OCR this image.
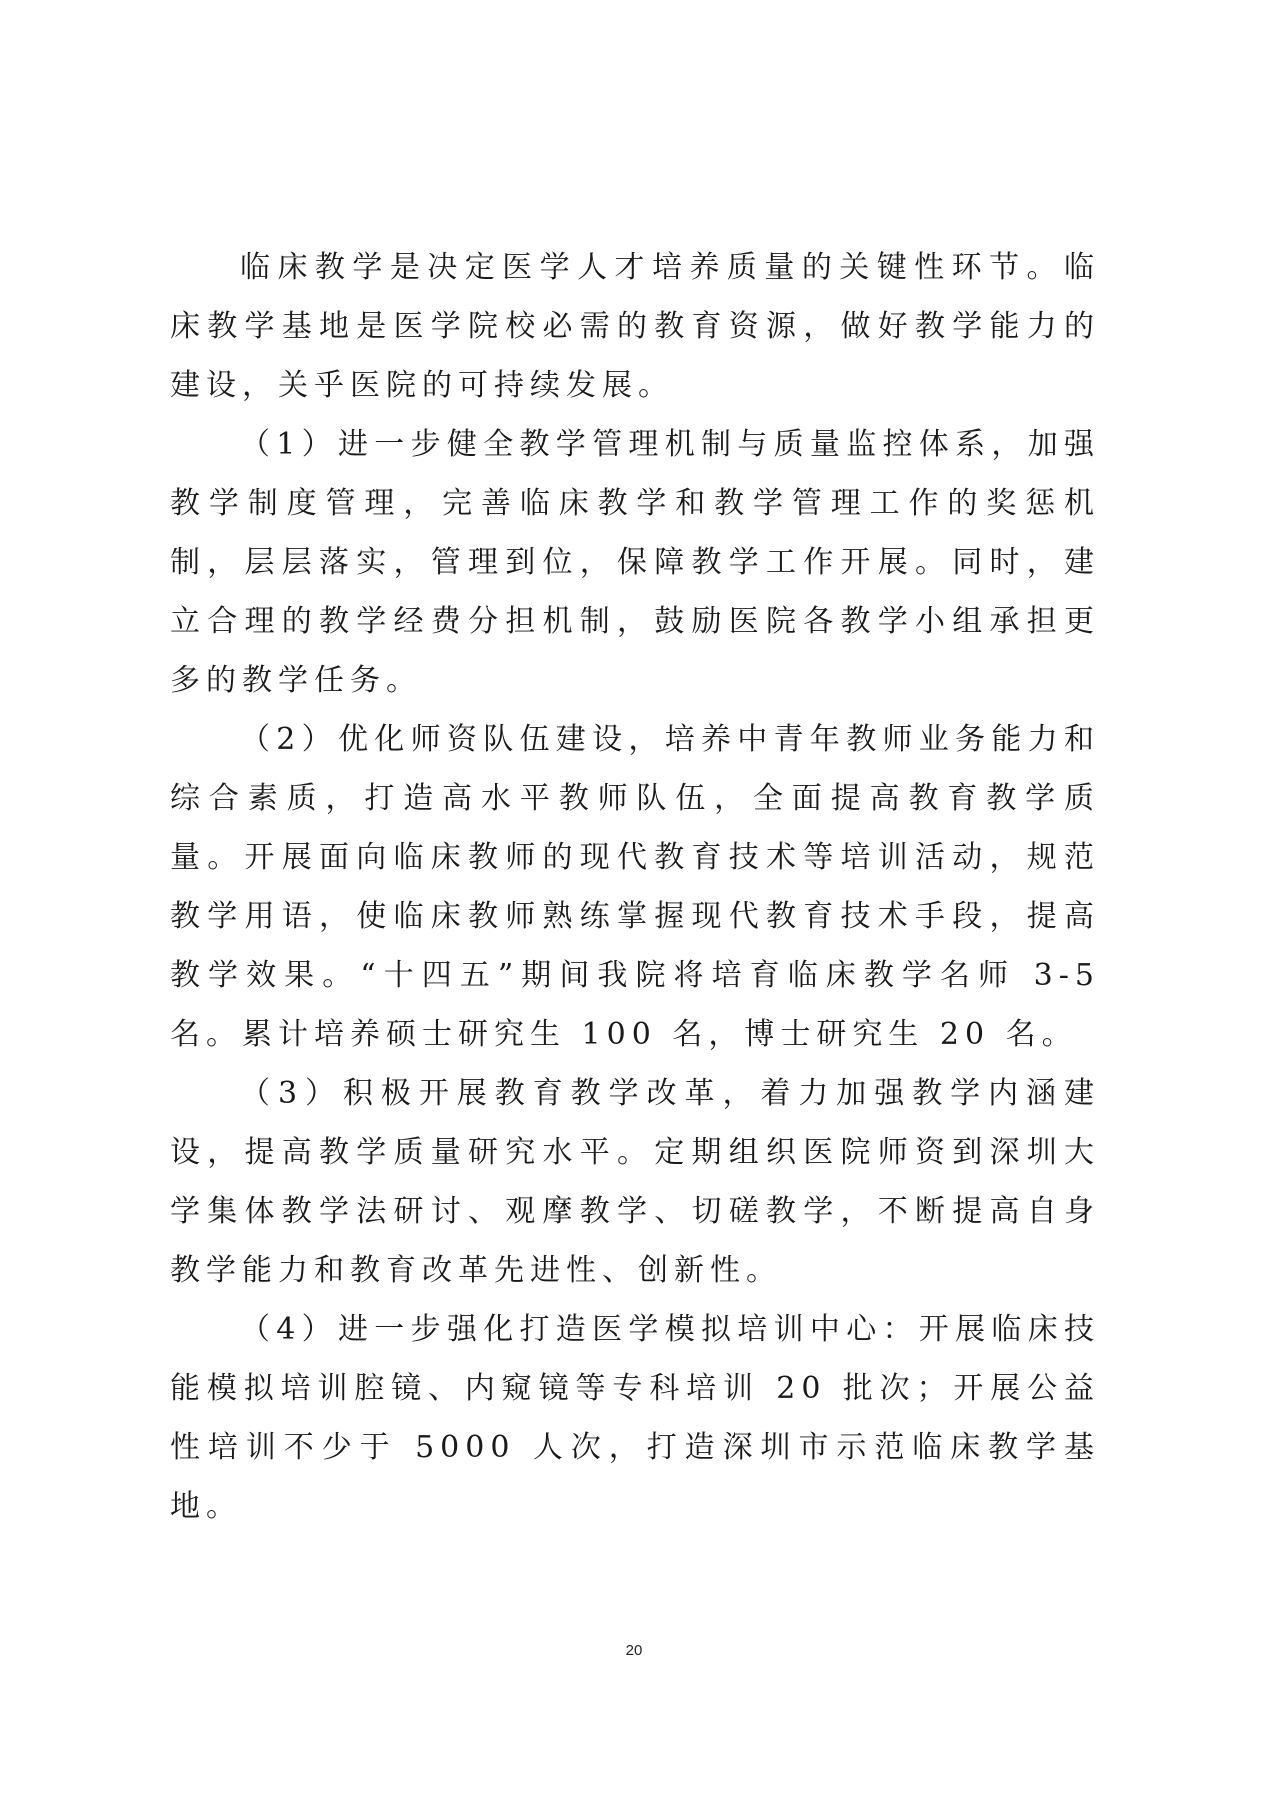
临床教学是决定医学人才培养质量的关键性环节。临床教学基地是医学院校必需的教育资源，做好教学能力的建设，关乎医院的可持续发展。

（1）进一步健全教学管理机制与质量监控体系，加强教学制度管理，完善临床教学和教学管理工作的奖惩机制，层层落实，管理到位，保障教学工作开展。同时，建立合理的教学经费分担机制，鼓励医院各教学小组承担更多的教学任务。

（2）优化师资队伍建设，培养中青年教师业务能力和综合素质，打造高水平教师队伍，全面提高教育教学质量。开展面向临床教师的现代教育技术等培训活动，规范教学用语，使临床教师熟练掌握现代教育技术手段，提高教学效果。“十四五”期间我院将培育临床教学名师 3-5 名。累计培养硕士研究生 100 名，博士研究生 20 名。

（3）积极开展教育教学改革，着力加强教学内涵建设，提高教学质量研究水平。定期组织医院师资到深圳大学集体教学法研讨、观摩教学、切磋教学，不断提高自身教学能力和教育改革先进性、创新性。

（4）进一步强化打造医学模拟培训中心：开展临床技能模拟培训腔镜、内窥镜等专科培训 20 批次；开展公益性培训不少于 5000 人次，打造深圳市示范临床教学基地。

20
